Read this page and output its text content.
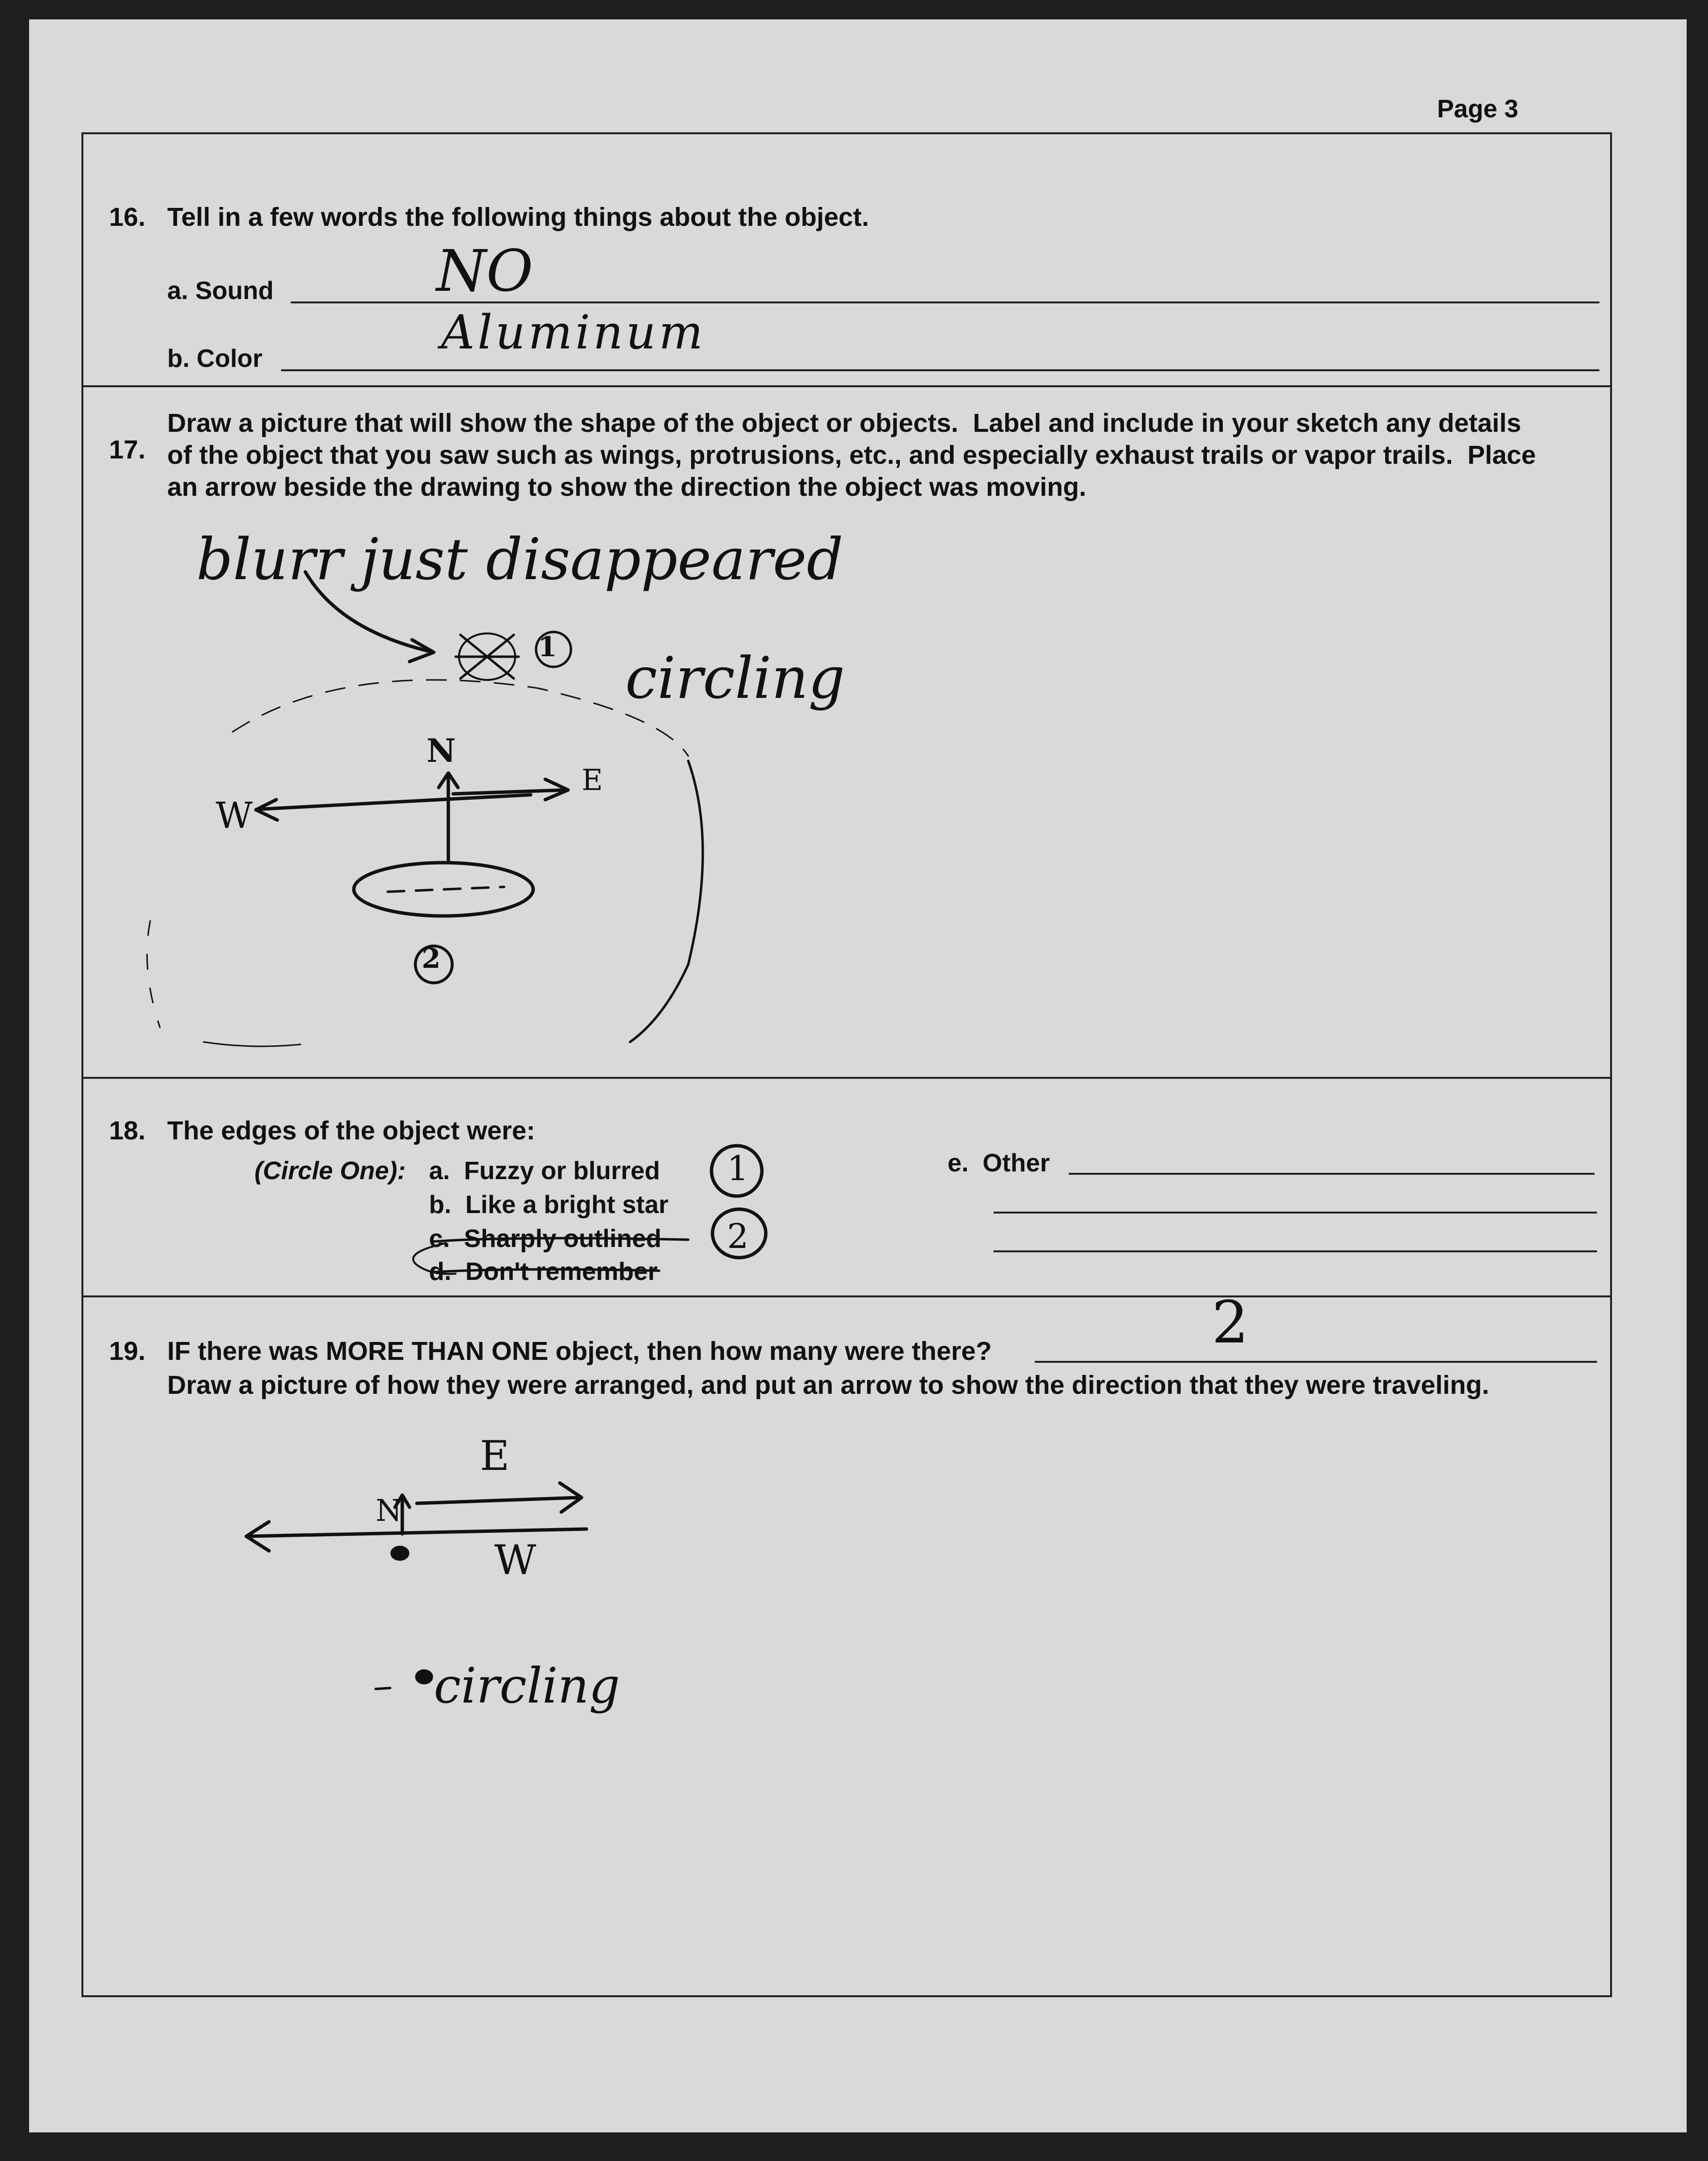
Page 3
16. Tell in a few words the following things about the object.
a. Sound	NO
b. Color	Aluminum
17.
Draw a picture that will show the shape of the object or objects.  Label and include in your sketch any details
of the object that you saw such as wings, protrusions, etc., and especially exhaust trails or vapor trails.  Place
an arrow beside the drawing to show the direction the object was moving.
blurr just disappeared
circling
N
E
W
1
2
18. The edges of the object were:
(Circle One): a.  Fuzzy or blurred
b.  Like a bright star
c.  Sharply outlined
d.  Don't remember
e.  Other
1
2
19. IF there was MORE THAN ONE object, then how many were there?	2
Draw a picture of how they were arranged, and put an arrow to show the direction that they were traveling.
E
W
N
circling
